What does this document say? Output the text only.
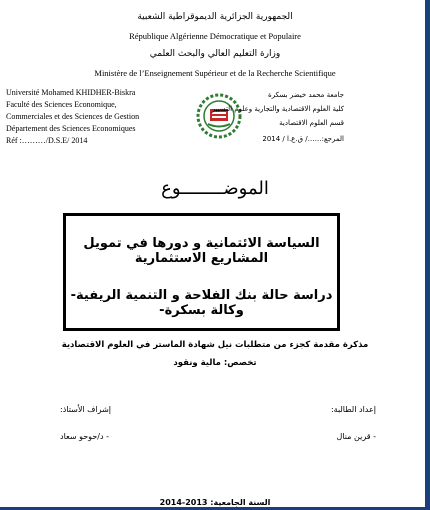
الجمهورية الجزائرية الديموقراطية الشعبية
République Algérienne Démocratique et Populaire
وزارة التعليم العالي والبحث العلمي
Ministère de l’Enseignement Supérieur et de la Recherche Scientifique
Université Mohamed KHIDHER-Biskra
Faculté des Sciences Economique,
Commerciales et des Sciences de Gestion
Département des Sciences Economiques
Réf :………/D.S.E/ 2014
جامعة محمد خيضر بسكرة
كلية العلوم الاقتصادية والتجارية وعلوم التسيير
قسم العلوم الاقتصادية
المرجع:……/ ق.ع.ا / 2014
الموضــــــــوع
السياسة الائتمانية و دورها في تمويل المشاريع الاستثمارية
دراسة حالة بنك الفلاحة و التنمية الريفية-وكالة بسكرة-
مذكرة مقدمة كجزء من متطلبات نيل شهادة الماستر في العلوم الاقتصادية
تخصص: مالية ونقود
إشراف الأستاذ:
- د/حوحو سعاد
إعداد الطالبة:
- قرين منال
السنة الجامعية: 2013-2014
